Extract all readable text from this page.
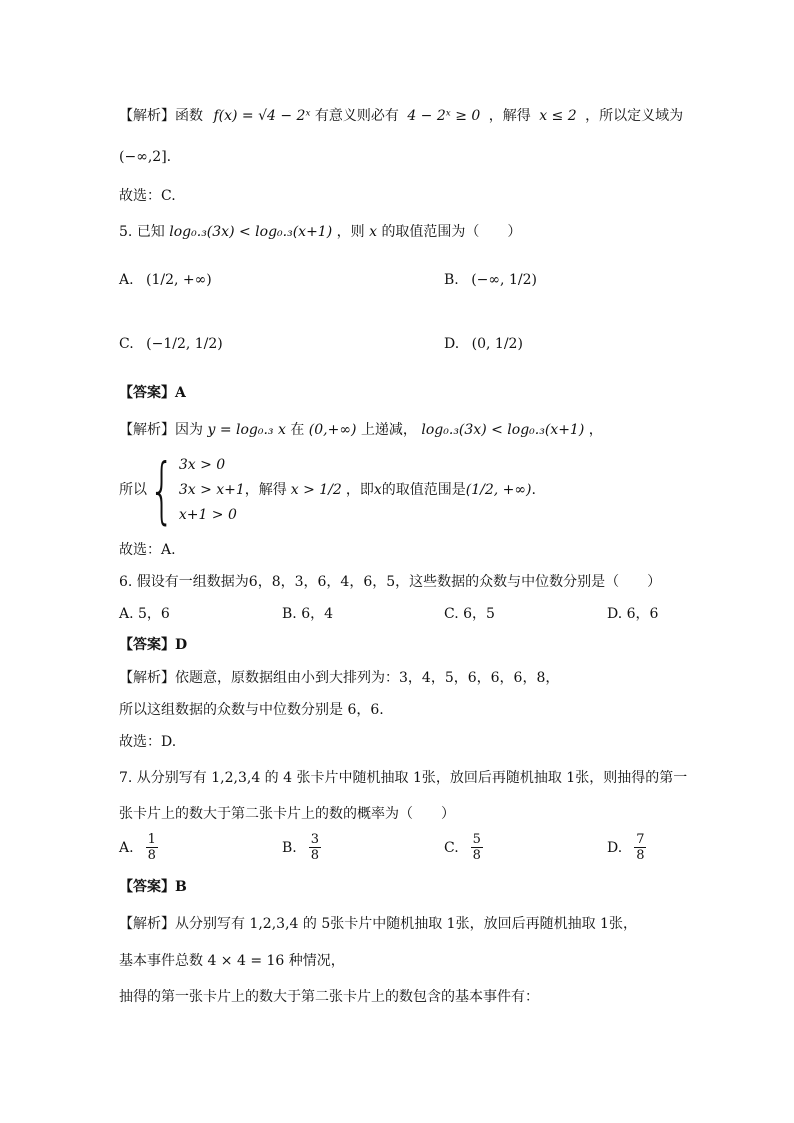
【解析】函数 f(x) = √4 − 2ˣ 有意义则必有 4 − 2ˣ ≥ 0 ，解得 x ≤ 2 ，所以定义域为
(−∞,2].
故选：C.
5. 已知 log₀.₃(3x) < log₀.₃(x+1) ，则 x 的取值范围为（　　）
A. (1/2, +∞)	B. (−∞, 1/2)
C. (−1/2, 1/2)	D. (0, 1/2)
【答案】A
【解析】因为 y = log₀.₃ x 在 (0,+∞) 上递减， log₀.₃(3x) < log₀.₃(x+1) ，
所以 { 3x > 0
3x > x+1
x+1 > 0
，解得 x > 1/2 ，即 x 的取值范围是 (1/2, +∞) .
故选：A.
6. 假设有一组数据为6，8，3，6，4，6，5，这些数据的众数与中位数分别是（　　）
A. 5，6	B. 6，4	C. 6，5	D. 6，6
【答案】D
【解析】依题意，原数据组由小到大排列为：3，4，5，6，6，6，8，
所以这组数据的众数与中位数分别是 6，6.
故选：D.
7. 从分别写有 1,2,3,4 的 4 张卡片中随机抽取 1张，放回后再随机抽取 1张，则抽得的第一
张卡片上的数大于第二张卡片上的数的概率为（　　）
A. $\frac{1}{8}$	B. $\frac{3}{8}$	C. $\frac{5}{8}$	D. $\frac{7}{8}$
【答案】B
【解析】从分别写有 1,2,3,4 的 5张卡片中随机抽取 1张，放回后再随机抽取 1张，
基本事件总数 4 × 4 = 16 种情况，
抽得的第一张卡片上的数大于第二张卡片上的数包含的基本事件有：
